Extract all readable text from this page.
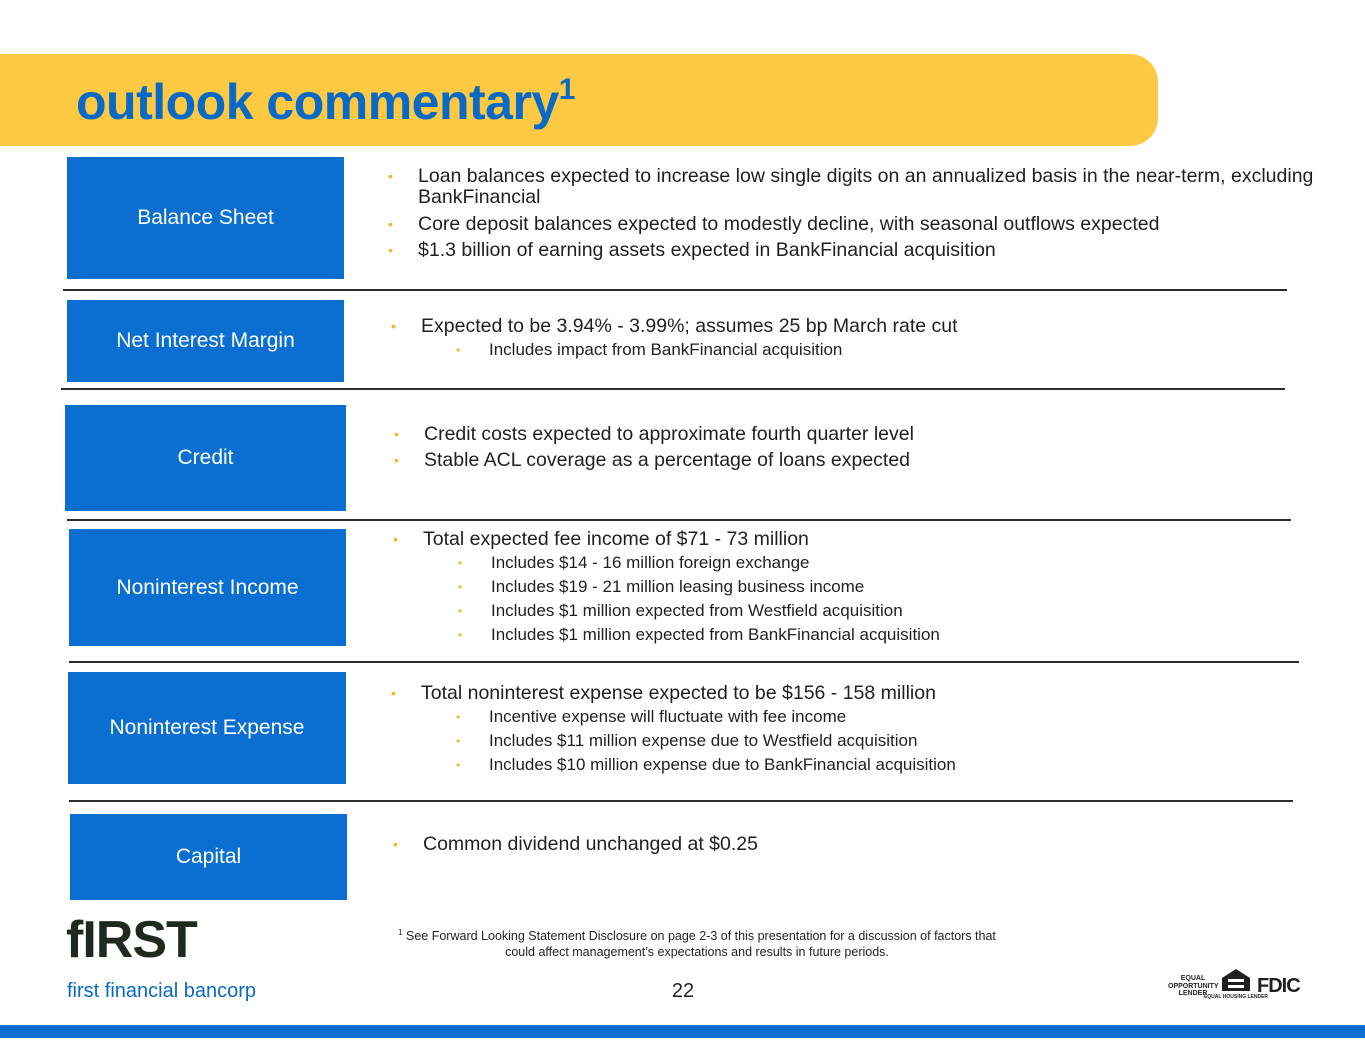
outlook commentary$^1$
Balance Sheet
• Loan balances expected to increase low single digits on an annualized basis in the near-term, excluding BankFinancial
• Core deposit balances expected to modestly decline, with seasonal outflows expected
• $1.3 billion of earning assets expected in BankFinancial acquisition
Net Interest Margin
• Expected to be 3.94% - 3.99%; assumes 25 bp March rate cut
• Includes impact from BankFinancial acquisition
Credit
• Credit costs expected to approximate fourth quarter level
• Stable ACL coverage as a percentage of loans expected
Noninterest Income
• Total expected fee income of $71 - 73 million
• Includes $14 - 16 million foreign exchange
• Includes $19 - 21 million leasing business income
• Includes $1 million expected from Westfield acquisition
• Includes $1 million expected from BankFinancial acquisition
Noninterest Expense
• Total noninterest expense expected to be $156 - 158 million
• Incentive expense will fluctuate with fee income
• Includes $11 million expense due to Westfield acquisition
• Includes $10 million expense due to BankFinancial acquisition
Capital
• Common dividend unchanged at $0.25
fIRST
first financial bancorp
$^1$ See Forward Looking Statement Disclosure on page 2-3 of this presentation for a discussion of factors that could affect management’s expectations and results in future periods.
22
EQUAL OPPORTUNITY LENDER
EQUAL HOUSING LENDER
FDIC
